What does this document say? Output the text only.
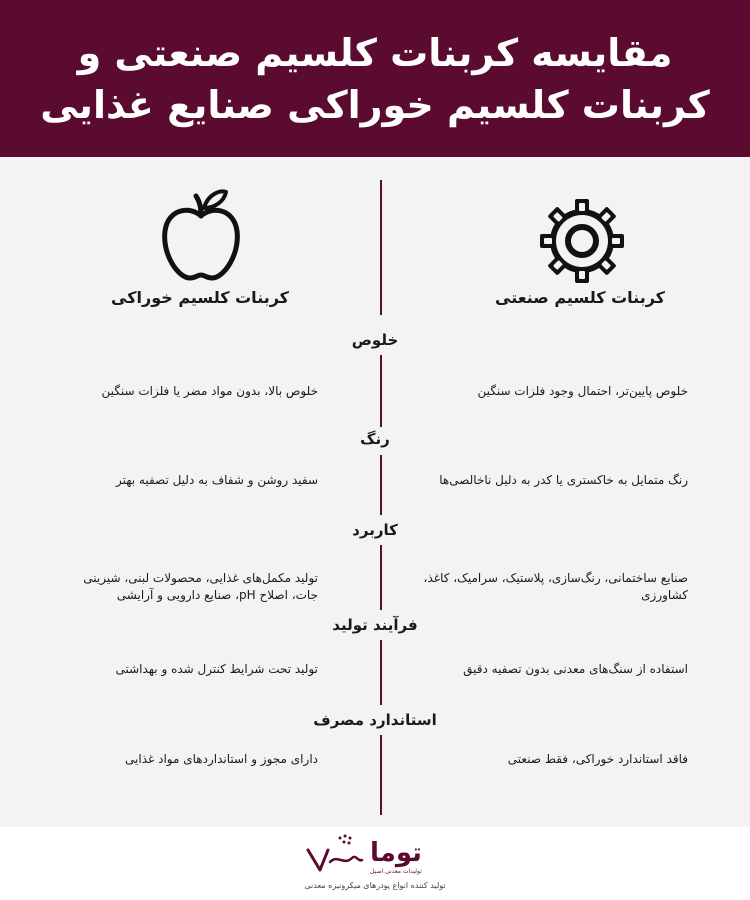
مقایسه کربنات کلسیم صنعتی و
کربنات کلسیم خوراکی صنایع غذایی
کربنات کلسیم صنعتی
کربنات کلسیم خوراکی
خلوص
خلوص پایین‌تر، احتمال وجود فلزات سنگین
خلوص بالا، بدون مواد مضر یا فلزات سنگین
رنگ
رنگ متمایل به خاکستری یا کدر به دلیل ناخالصی‌ها
سفید روشن و شفاف به دلیل تصفیه بهتر
کاربرد
صنایع ساختمانی، رنگ‌سازی، پلاستیک، سرامیک، کاغذ، کشاورزی
تولید مکمل‌های غذایی، محصولات لبنی، شیرینی جات، اصلاح pH، صنایع دارویی و آرایشی
فرآیند تولید
استفاده از سنگ‌های معدنی بدون تصفیه دقیق
تولید تحت شرایط کنترل شده و بهداشتی
استاندارد مصرف
فاقد استاندارد خوراکی، فقط صنعتی
دارای مجوز و استانداردهای مواد غذایی
توما
تولیدات معدنی اصیل
تولید کننده انواع پودرهای میکرونیزه معدنی
